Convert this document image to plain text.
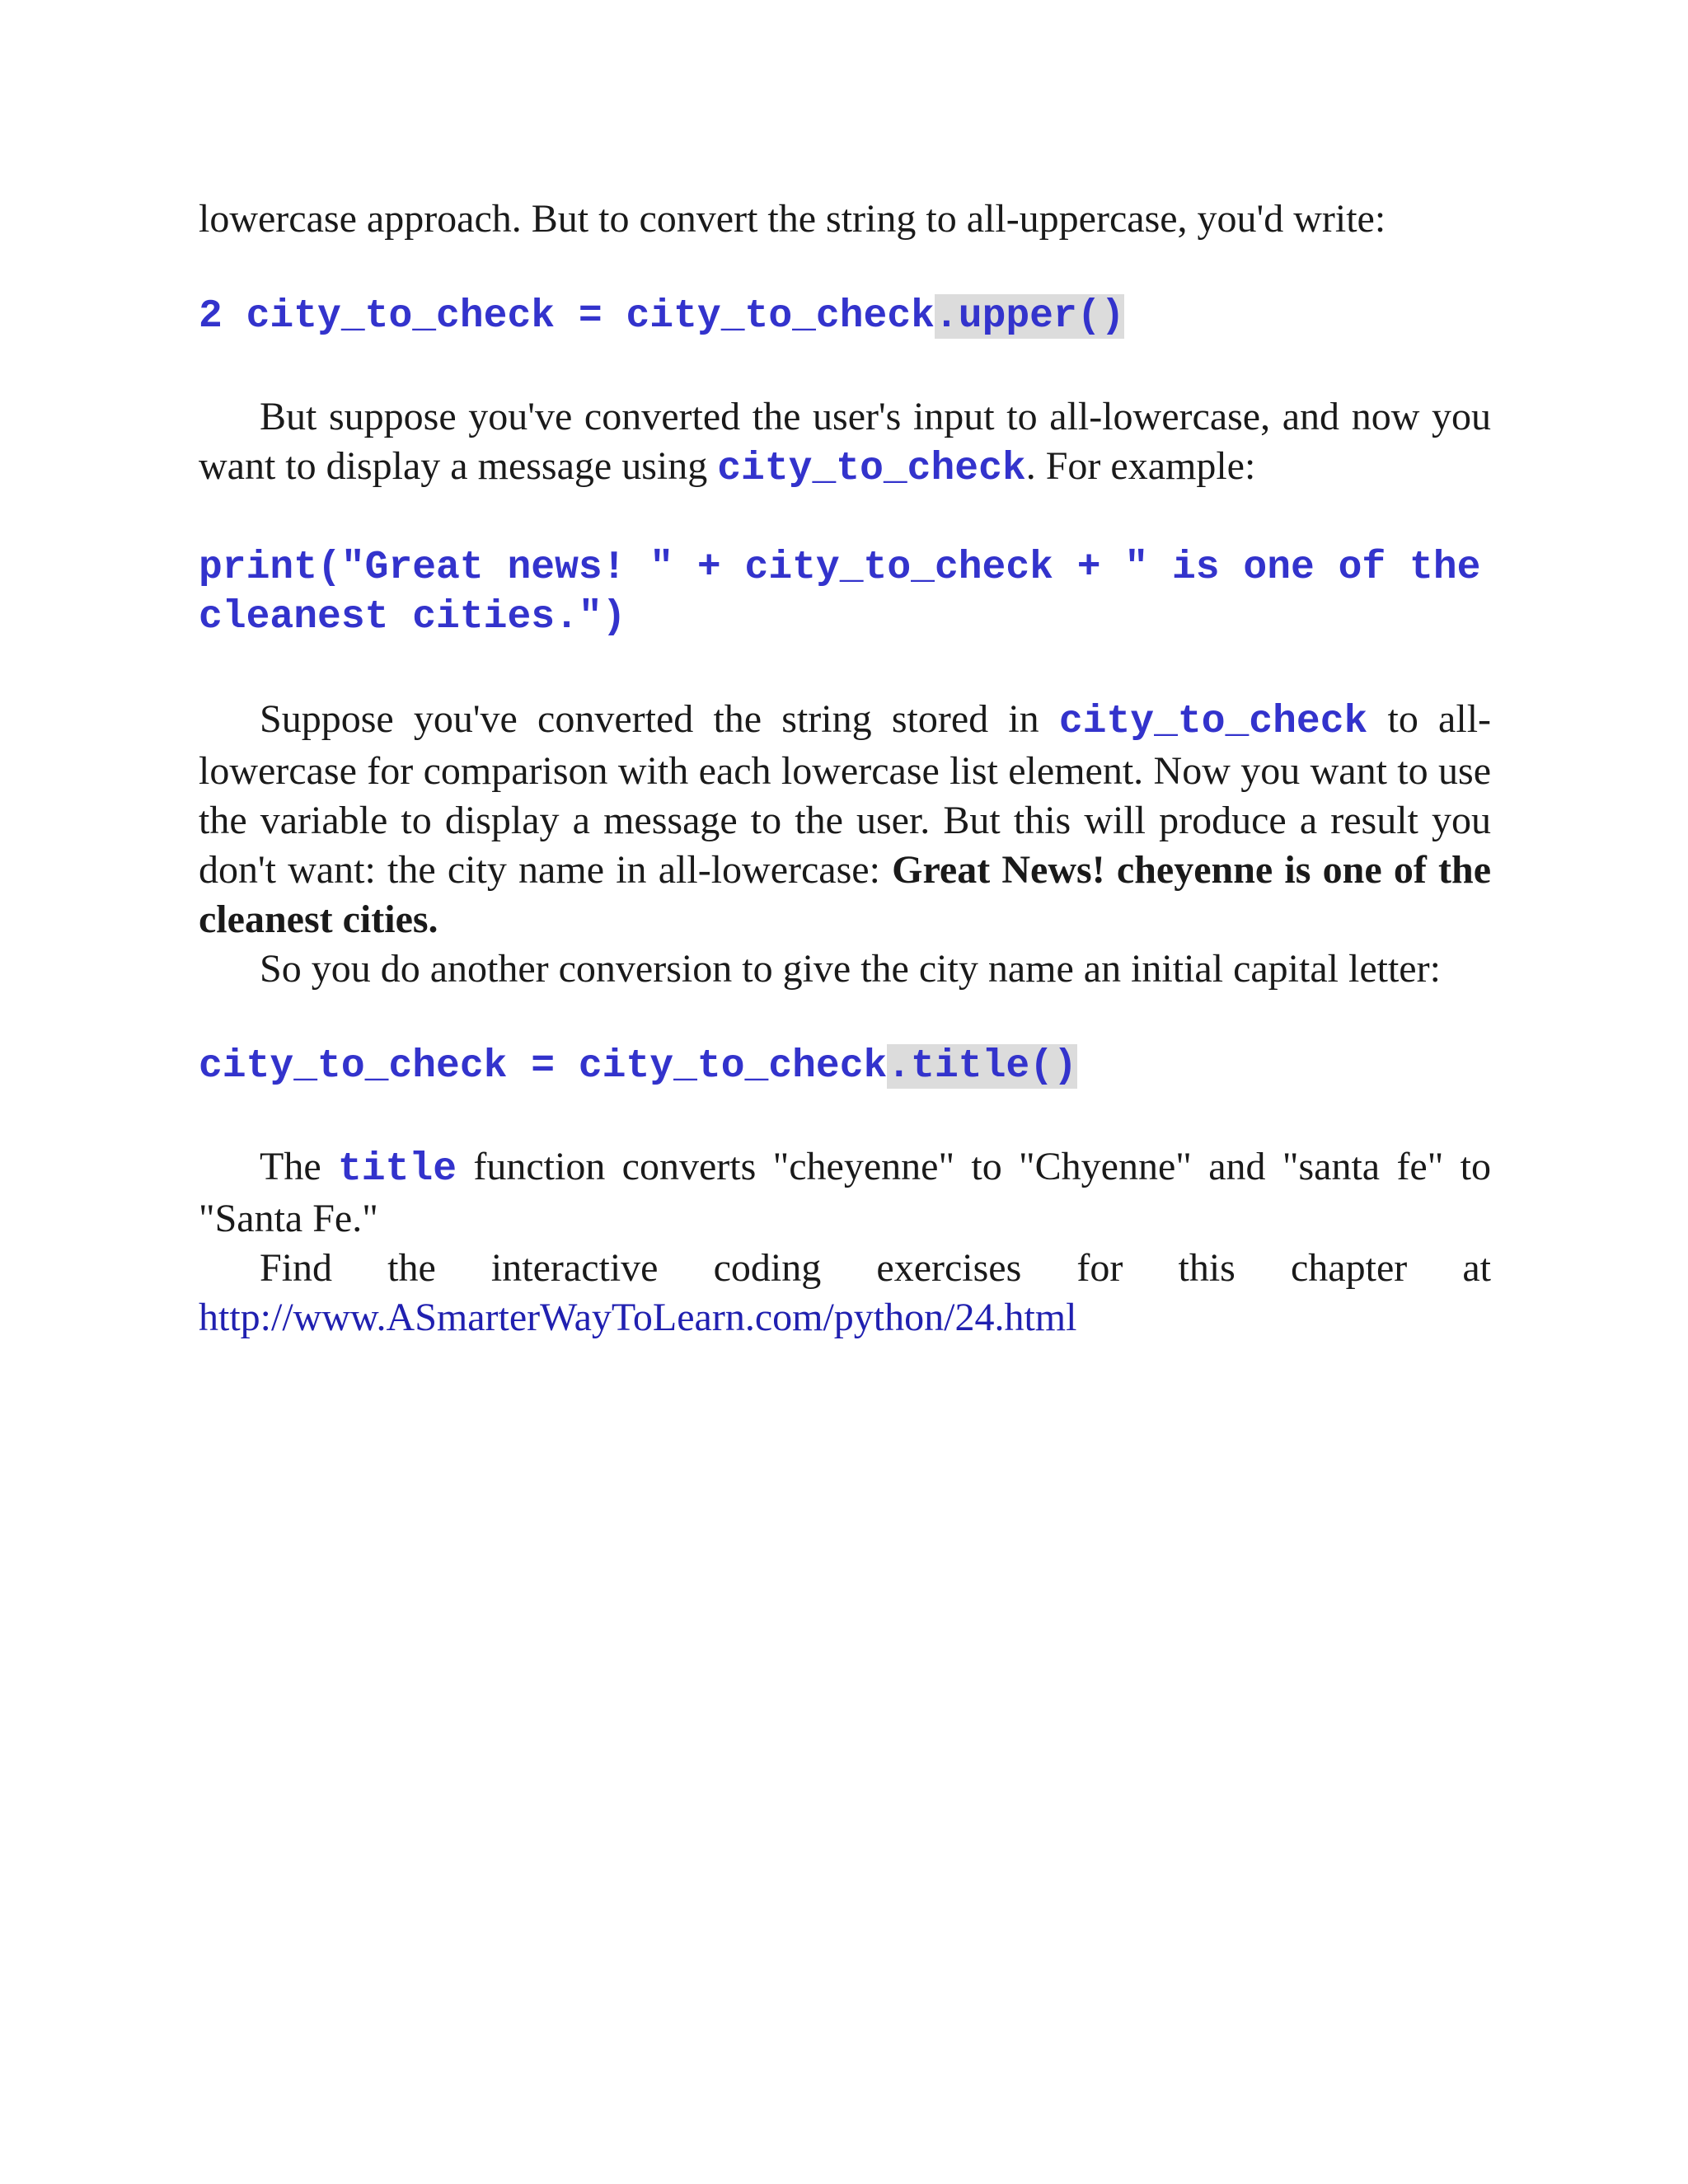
lowercase approach. But to convert the string to all-uppercase, you'd write:

2 city_to_check = city_to_check.upper()

But suppose you've converted the user's input to all-lowercase, and now you want to display a message using city_to_check. For example:

print("Great news! " + city_to_check + " is one of the cleanest cities.")

Suppose you've converted the string stored in city_to_check to all-lowercase for comparison with each lowercase list element. Now you want to use the variable to display a message to the user. But this will produce a result you don't want: the city name in all-lowercase: Great News! cheyenne is one of the cleanest cities.

So you do another conversion to give the city name an initial capital letter:

city_to_check = city_to_check.title()

The title function converts "cheyenne" to "Chyenne" and "santa fe" to "Santa Fe."

Find the interactive coding exercises for this chapter at

http://www.ASmarterWayToLearn.com/python/24.html
